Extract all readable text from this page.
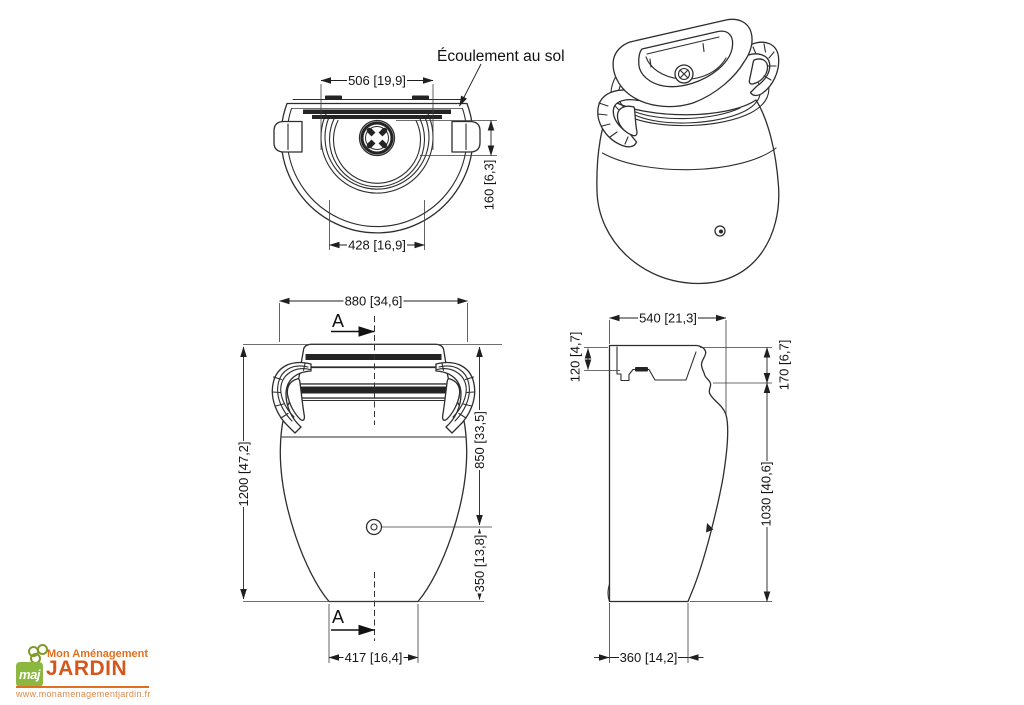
506 [19,9]
428 [16,9]
160 [6,3]
Écoulement au sol
880 [34,6]
1200 [47,2]
850 [33,5]
350 [13,8]
417 [16,4]
A
A
540 [21,3]
120 [4,7]	170 [6,7]
1030 [40,6]
360 [14,2]
maj
Mon Aménagement
JARDIN
www.monamenagementjardin.fr
